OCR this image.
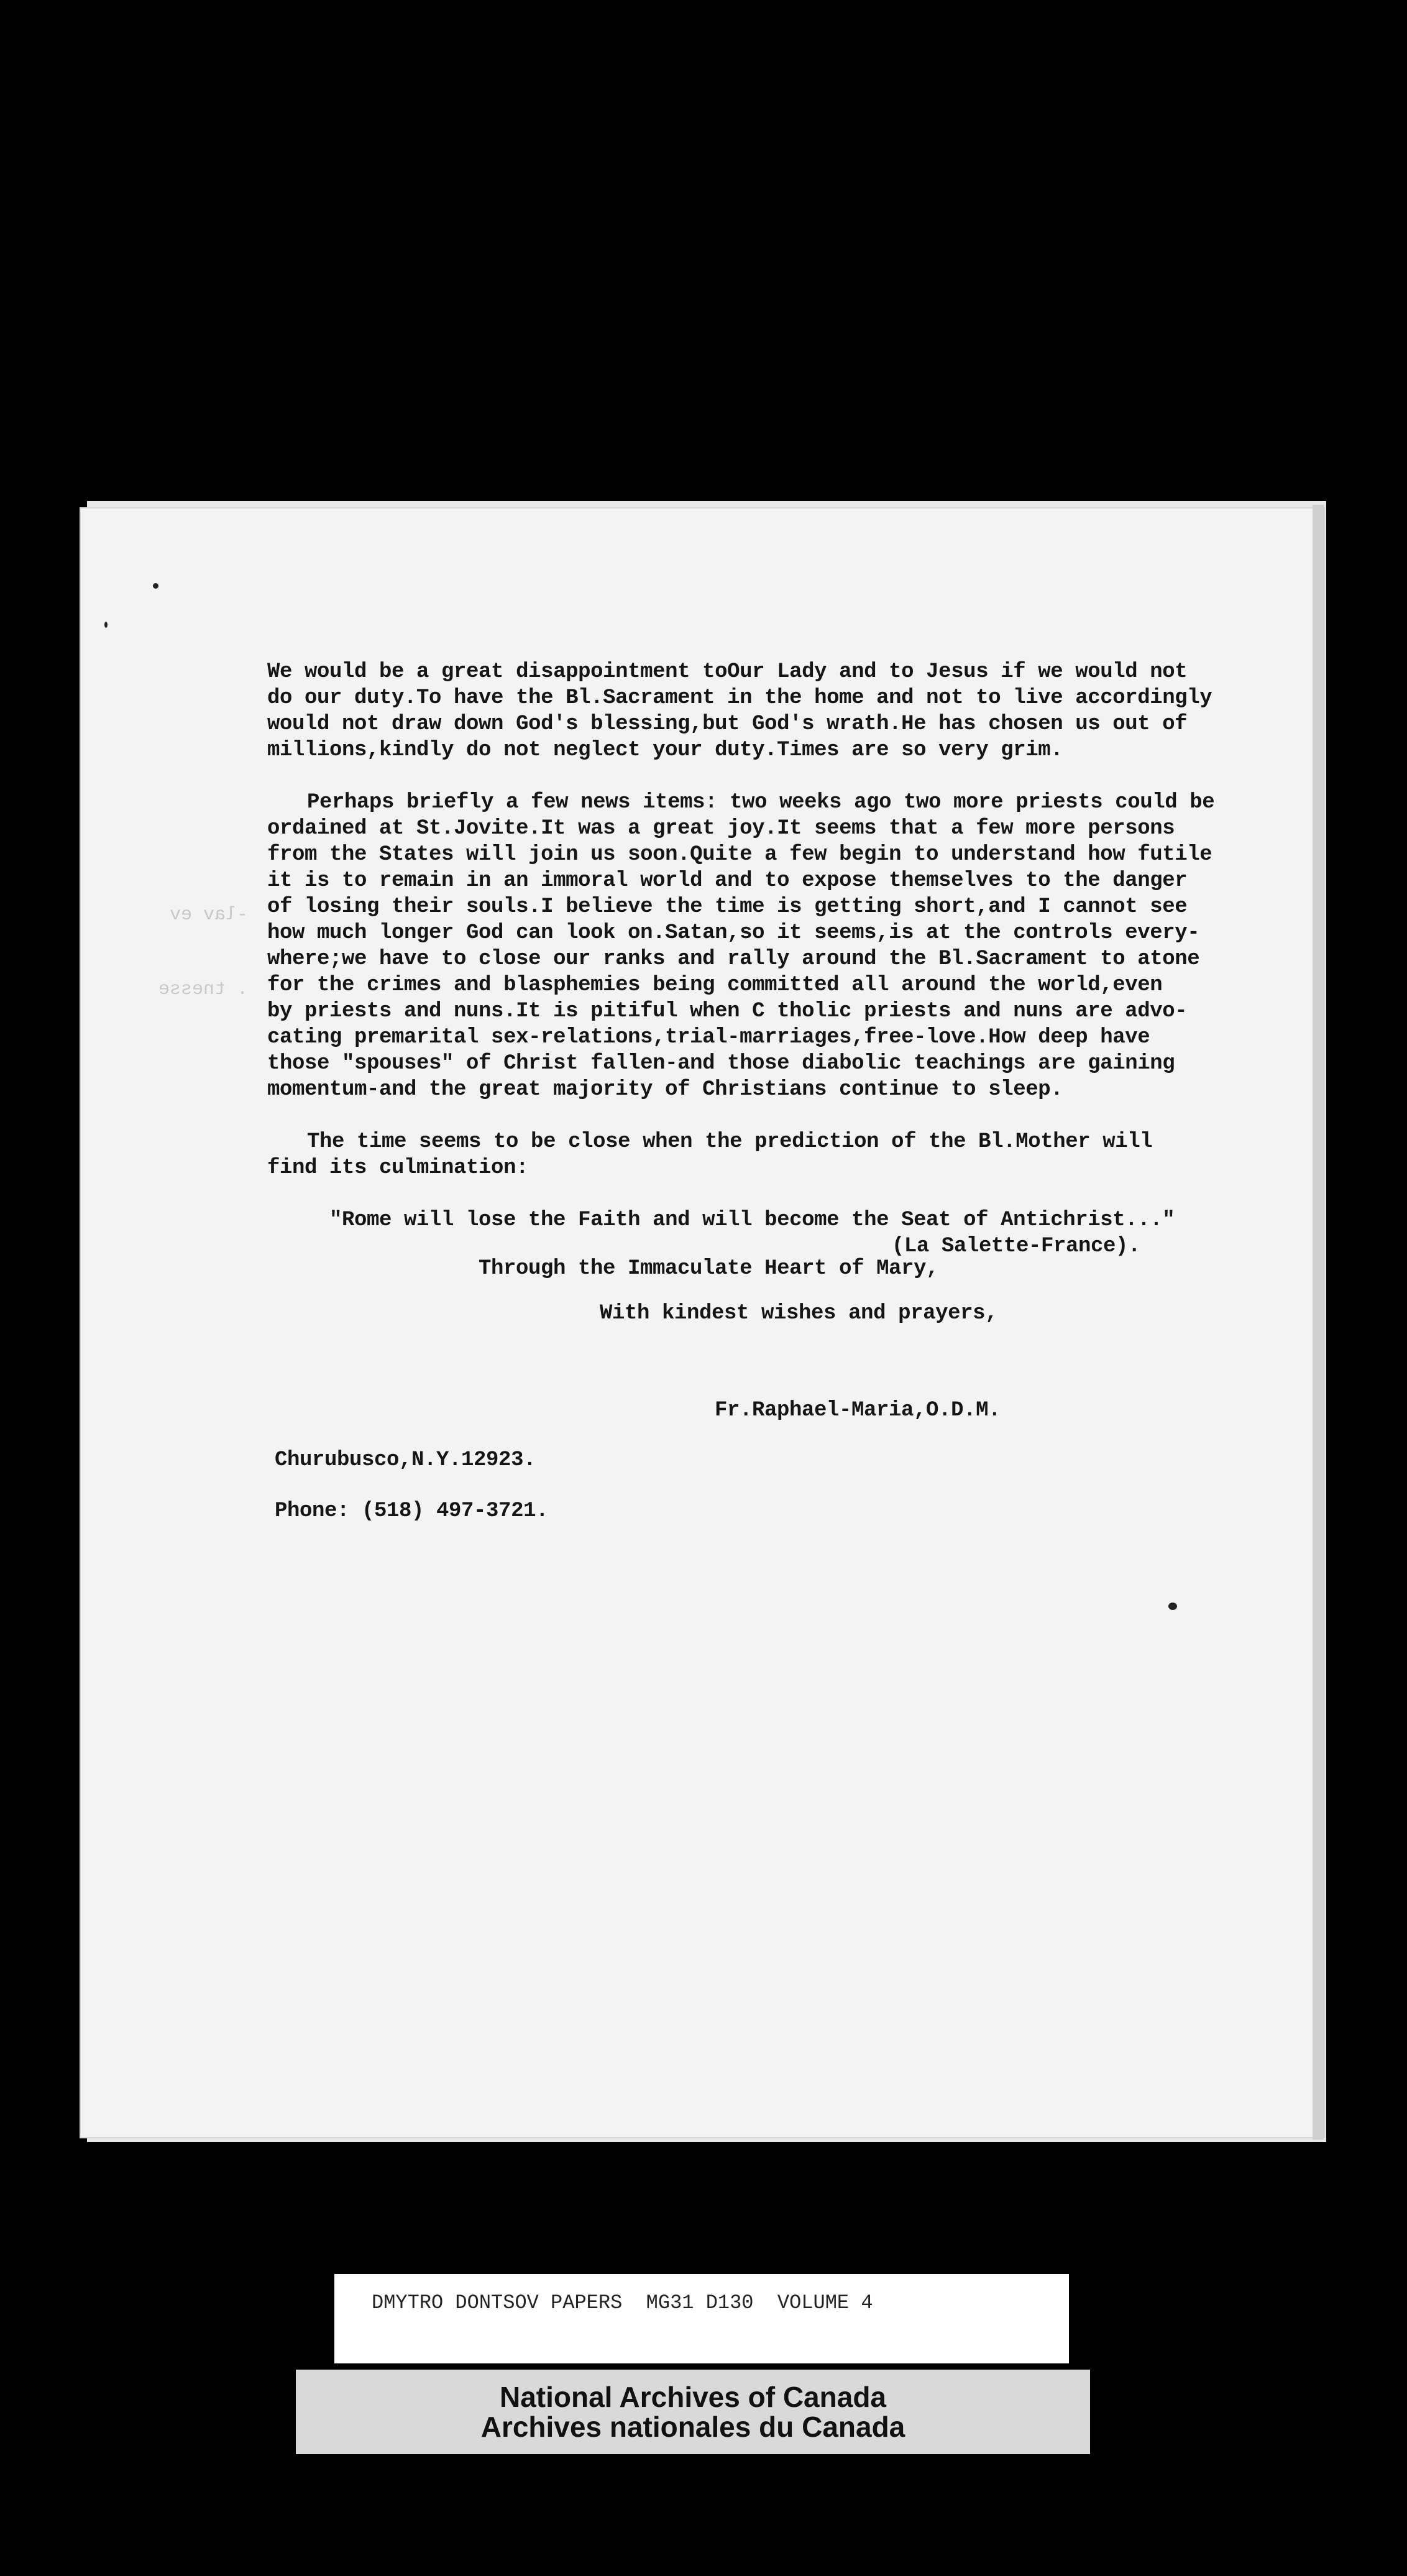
-lav ev

. tnesse

We would be a great disappointment toOur Lady and to Jesus if we would not
do our duty.To have the Bl.Sacrament in the home and not to live accordingly
would not draw down God's blessing,but God's wrath.He has chosen us out of
millions,kindly do not neglect your duty.Times are so very grim.
Perhaps briefly a few news items: two weeks ago two more priests could be
ordained at St.Jovite.It was a great joy.It seems that a few more persons
from the States will join us soon.Quite a few begin to understand how futile
it is to remain in an immoral world and to expose themselves to the danger
of losing their souls.I believe the time is getting short,and I cannot see
how much longer God can look on.Satan,so it seems,is at the controls every-
where;we have to close our ranks and rally around the Bl.Sacrament to atone
for the crimes and blasphemies being committed all around the world,even
by priests and nuns.It is pitiful when C tholic priests and nuns are advo-
cating premarital sex-relations,trial-marriages,free-love.How deep have
those "spouses" of Christ fallen-and those diabolic teachings are gaining
momentum-and the great majority of Christians continue to sleep.
The time seems to be close when the prediction of the Bl.Mother will
find its culmination:
"Rome will lose the Faith and will become the Seat of Antichrist..."
(La Salette-France).
Through the Immaculate Heart of Mary,
With kindest wishes and prayers,
Fr.Raphael-Maria,O.D.M.
Churubusco,N.Y.12923.
Phone: (518) 497-3721.
DMYTRO DONTSOV PAPERS  MG31 D130  VOLUME 4
National Archives of Canada
Archives nationales du Canada
